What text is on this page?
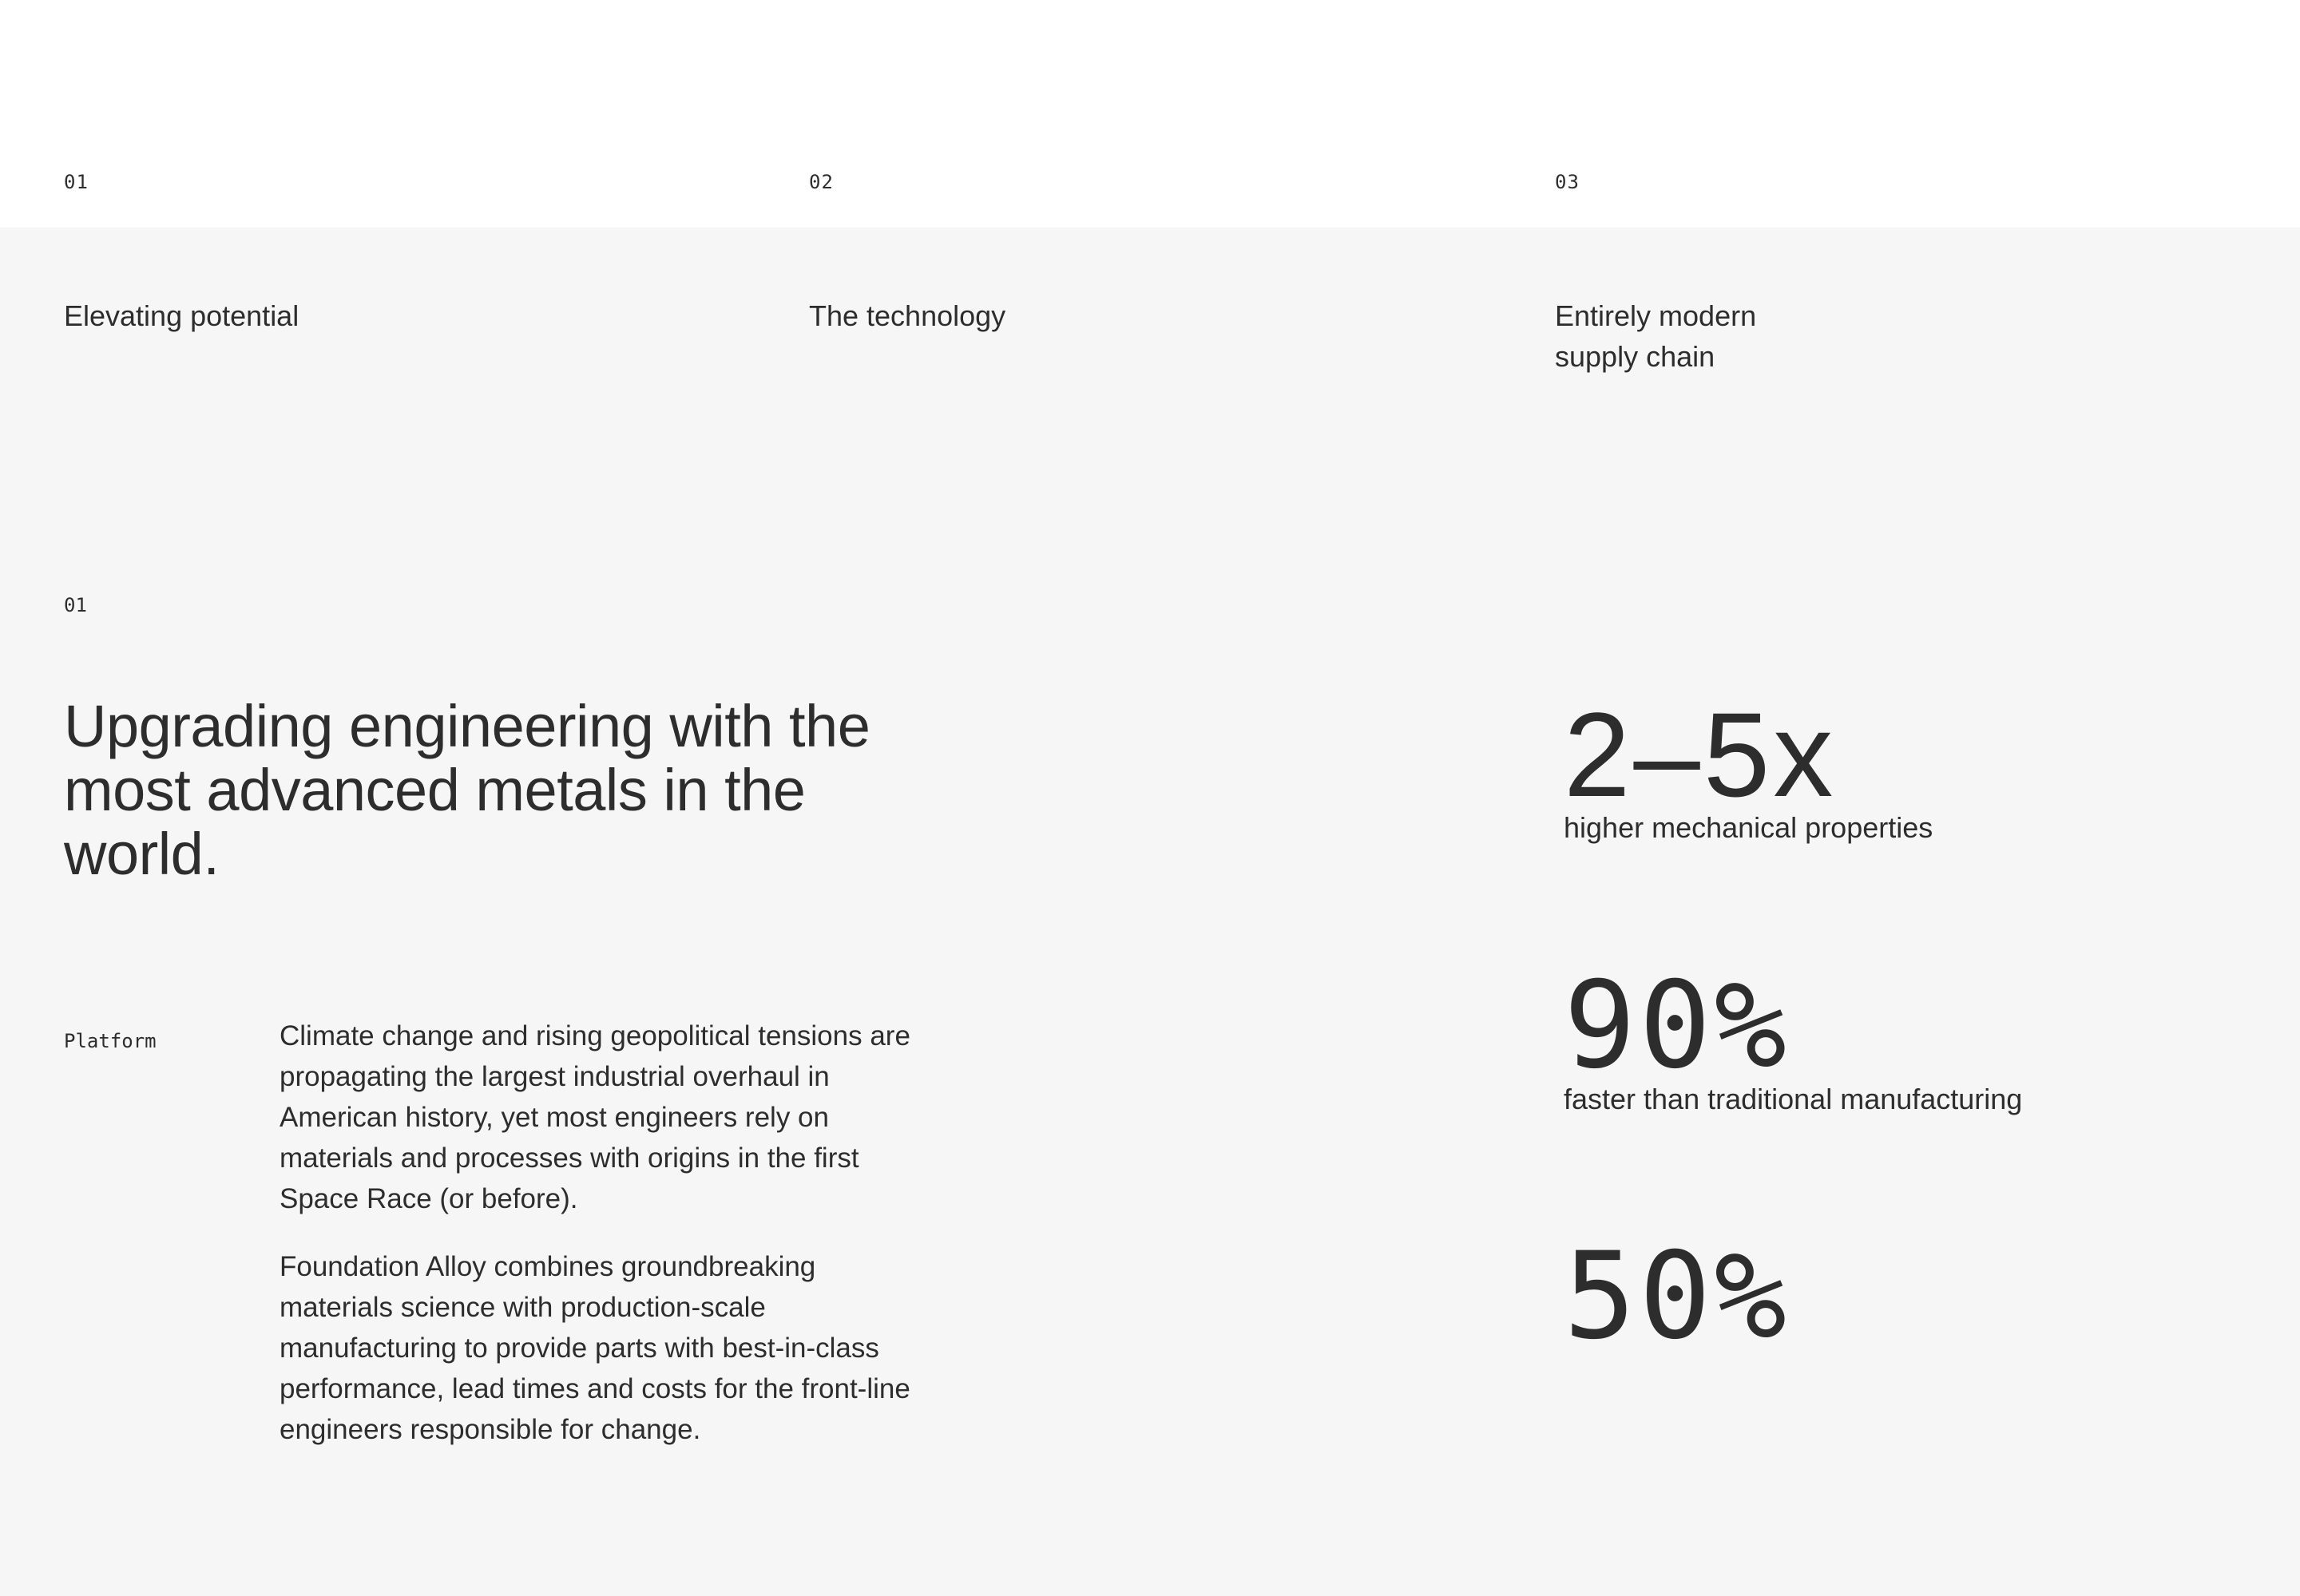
01	02	03
Elevating potential	The technology	Entirely modern supply chain
01
Upgrading engineering with the most advanced metals in the world.
Platform	Climate change and rising geopolitical tensions are propagating the largest industrial overhaul in American history, yet most engineers rely on materials and processes with origins in the first Space Race (or before).

Foundation Alloy combines groundbreaking materials science with production-scale manufacturing to provide parts with best-in-class performance, lead times and costs for the front-line engineers responsible for change.

2–5x
higher mechanical properties
90%
faster than traditional manufacturing
50%
